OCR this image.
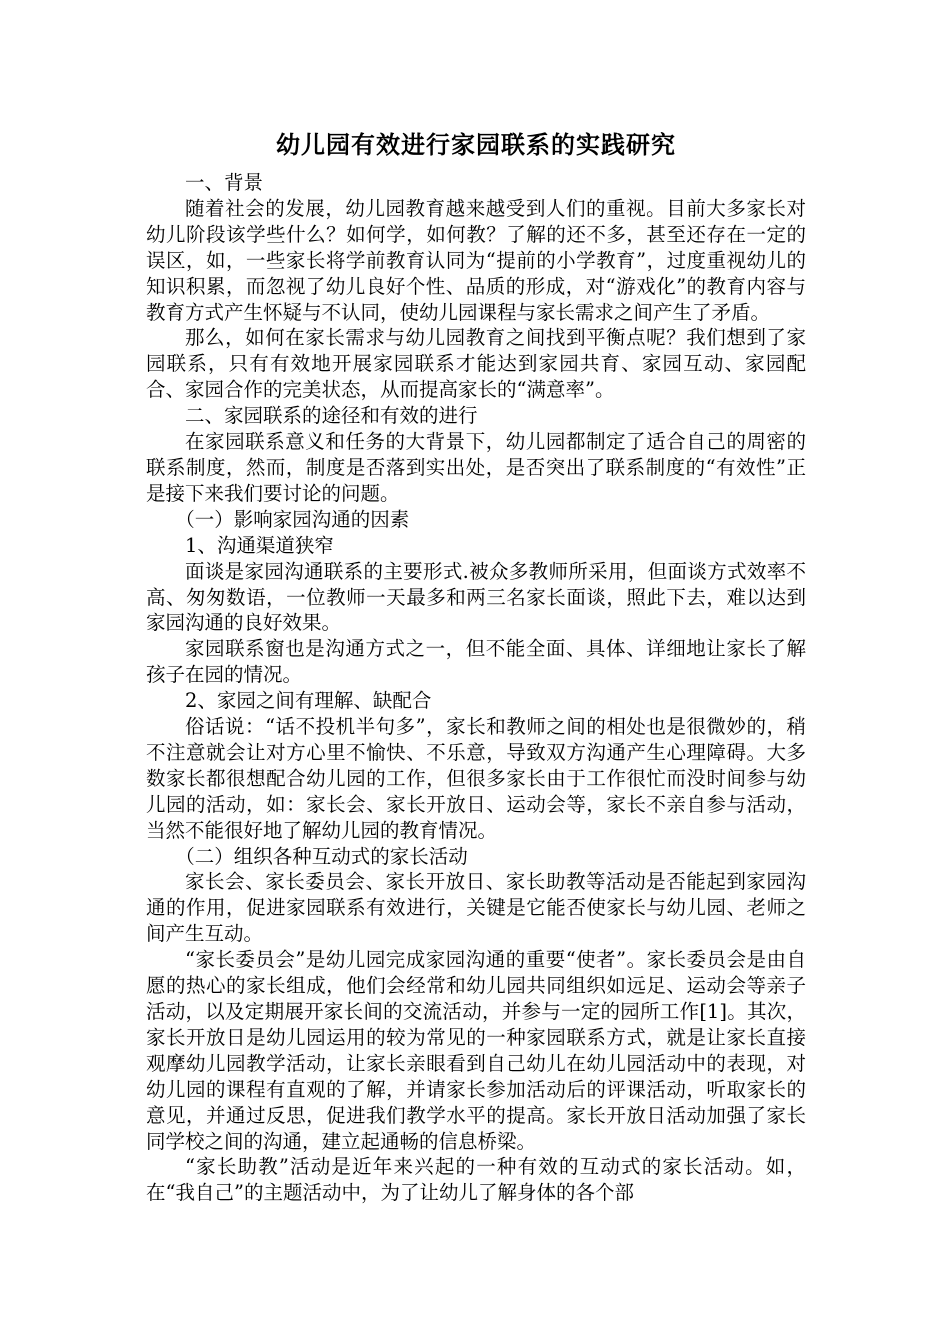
幼儿园有效进行家园联系的实践研究

一、背景

随着社会的发展，幼儿园教育越来越受到人们的重视。目前大多家长对幼儿阶段该学些什么？如何学，如何教？了解的还不多，甚至还存在一定的误区，如，一些家长将学前教育认同为“提前的小学教育”，过度重视幼儿的知识积累，而忽视了幼儿良好个性、品质的形成，对“游戏化”的教育内容与教育方式产生怀疑与不认同，使幼儿园课程与家长需求之间产生了矛盾。

那么，如何在家长需求与幼儿园教育之间找到平衡点呢？我们想到了家园联系，只有有效地开展家园联系才能达到家园共育、家园互动、家园配合、家园合作的完美状态，从而提高家长的“满意率”。

二、家园联系的途径和有效的进行

在家园联系意义和任务的大背景下，幼儿园都制定了适合自己的周密的联系制度，然而，制度是否落到实出处，是否突出了联系制度的“有效性”正是接下来我们要讨论的问题。

（一）影响家园沟通的因素

1、沟通渠道狭窄

面谈是家园沟通联系的主要形式.被众多教师所采用，但面谈方式效率不高、匆匆数语，一位教师一天最多和两三名家长面谈，照此下去，难以达到家园沟通的良好效果。

家园联系窗也是沟通方式之一，但不能全面、具体、详细地让家长了解孩子在园的情况。

2、家园之间有理解、缺配合

俗话说：“话不投机半句多”，家长和教师之间的相处也是很微妙的，稍不注意就会让对方心里不愉快、不乐意，导致双方沟通产生心理障碍。大多数家长都很想配合幼儿园的工作，但很多家长由于工作很忙而没时间参与幼儿园的活动，如：家长会、家长开放日、运动会等，家长不亲自参与活动，当然不能很好地了解幼儿园的教育情况。

（二）组织各种互动式的家长活动

家长会、家长委员会、家长开放日、家长助教等活动是否能起到家园沟通的作用，促进家园联系有效进行，关键是它能否使家长与幼儿园、老师之间产生互动。

“家长委员会”是幼儿园完成家园沟通的重要“使者”。家长委员会是由自愿的热心的家长组成，他们会经常和幼儿园共同组织如远足、运动会等亲子活动，以及定期展开家长间的交流活动，并参与一定的园所工作[1]。其次，家长开放日是幼儿园运用的较为常见的一种家园联系方式，就是让家长直接观摩幼儿园教学活动，让家长亲眼看到自己幼儿在幼儿园活动中的表现，对幼儿园的课程有直观的了解，并请家长参加活动后的评课活动，听取家长的意见，并通过反思，促进我们教学水平的提高。家长开放日活动加强了家长同学校之间的沟通，建立起通畅的信息桥梁。

“家长助教”活动是近年来兴起的一种有效的互动式的家长活动。如，在“我自己”的主题活动中，为了让幼儿了解身体的各个部
